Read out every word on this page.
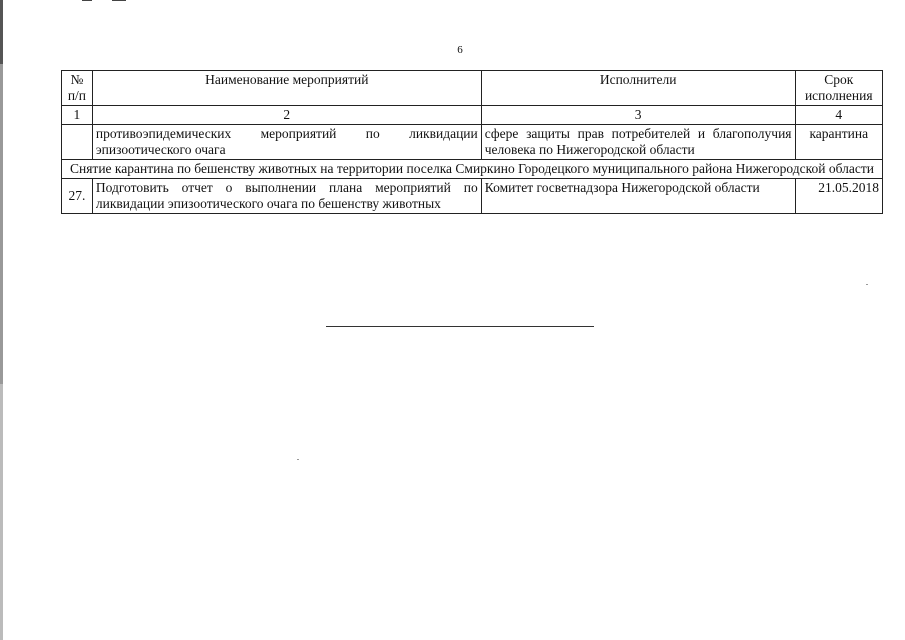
6
№ п/п	Наименование мероприятий	Исполнители	Срок исполнения
1	2	3	4
	противоэпидемических мероприятий по ликвидации эпизоотического очага	сфере защиты прав потребителей и благополучия человека по Нижегородской области	карантина
Снятие карантина по бешенству животных на территории поселка Смиркино Городецкого муниципального района Нижегородской области			
27.	Подготовить отчет о выполнении плана мероприятий по ликвидации эпизоотического очага по бешенству животных	Комитет госветнадзора Нижегородской области	21.05.2018
